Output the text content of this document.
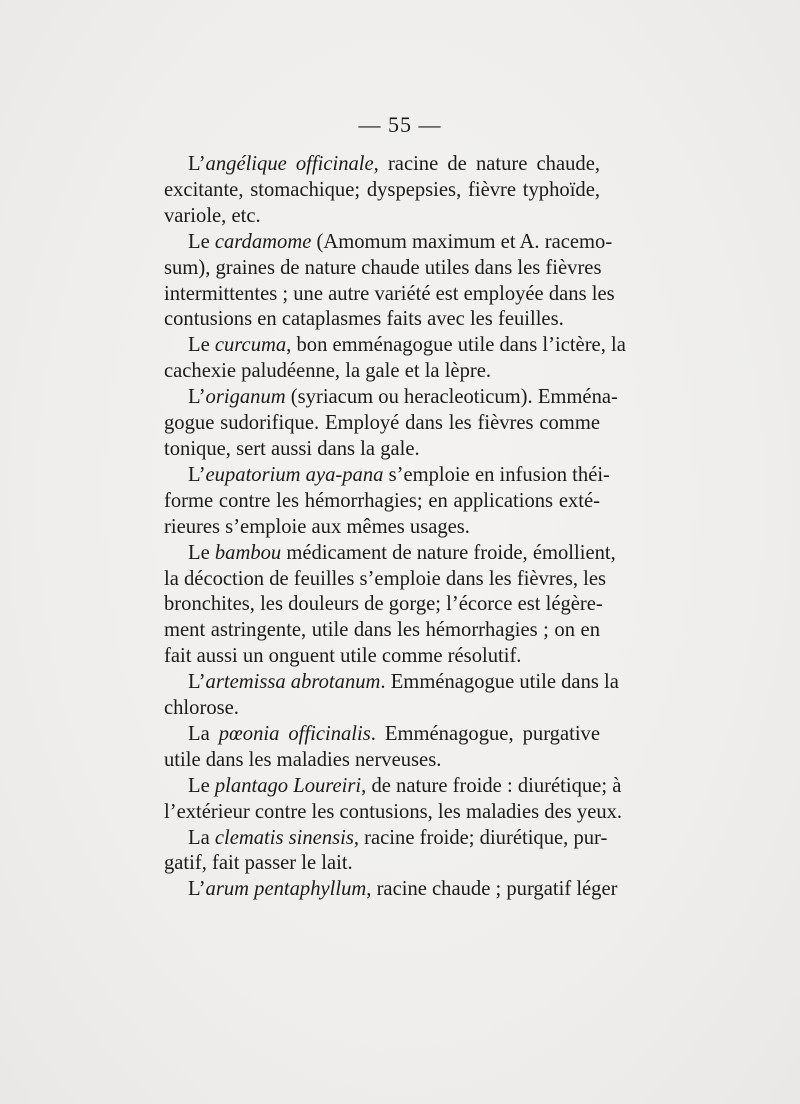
— 55 —
L’angélique officinale, racine de nature chaude,
excitante, stomachique; dyspepsies, fièvre typhoïde,
variole, etc.
Le cardamome (Amomum maximum et A. racemo-
sum), graines de nature chaude utiles dans les fièvres
intermittentes ; une autre variété est employée dans les
contusions en cataplasmes faits avec les feuilles.
Le curcuma, bon emménagogue utile dans l’ictère, la
cachexie paludéenne, la gale et la lèpre.
L’origanum (syriacum ou heracleoticum). Emména-
gogue sudorifique. Employé dans les fièvres comme
tonique, sert aussi dans la gale.
L’eupatorium aya-pana s’emploie en infusion théi-
forme contre les hémorrhagies; en applications exté-
rieures s’emploie aux mêmes usages.
Le bambou médicament de nature froide, émollient,
la décoction de feuilles s’emploie dans les fièvres, les
bronchites, les douleurs de gorge; l’écorce est légère-
ment astringente, utile dans les hémorrhagies ; on en
fait aussi un onguent utile comme résolutif.
L’artemissa abrotanum. Emménagogue utile dans la
chlorose.
La pœonia officinalis. Emménagogue, purgative
utile dans les maladies nerveuses.
Le plantago Loureiri, de nature froide : diurétique; à
l’extérieur contre les contusions, les maladies des yeux.
La clematis sinensis, racine froide; diurétique, pur-
gatif, fait passer le lait.
L’arum pentaphyllum, racine chaude ; purgatif léger
